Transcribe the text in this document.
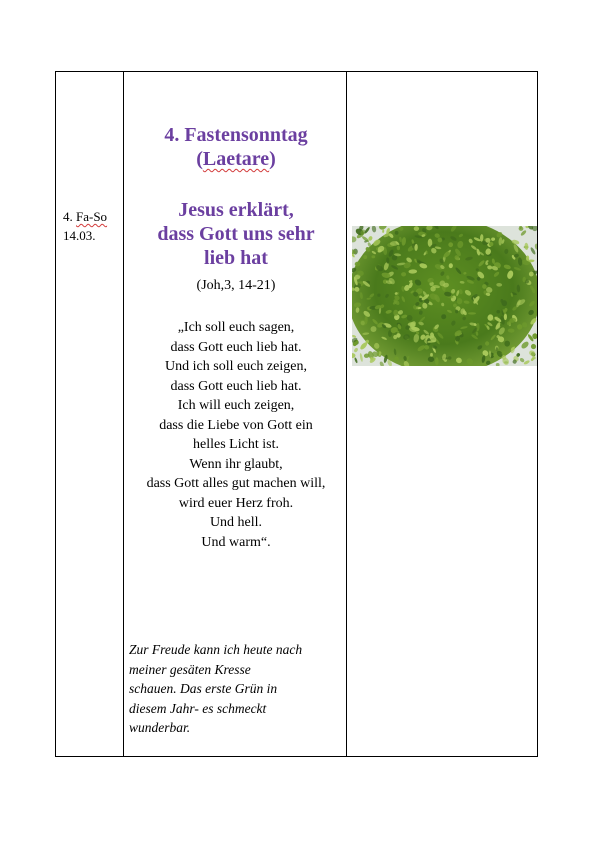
4. Fa-So
14.03.
4. Fastensonntag
(Laetare)
Jesus erklärt,
dass Gott uns sehr
lieb hat
(Joh,3, 14-21)
„Ich soll euch sagen,
dass Gott euch lieb hat.
Und ich soll euch zeigen,
dass Gott euch lieb hat.
Ich will euch zeigen,
dass die Liebe von Gott ein
helles Licht ist.
Wenn ihr glaubt,
dass Gott alles gut machen will,
wird euer Herz froh.
Und hell.
Und warm“.
Zur Freude kann ich heute nach
meiner gesäten Kresse
schauen. Das erste Grün in
diesem Jahr- es schmeckt
wunderbar.
